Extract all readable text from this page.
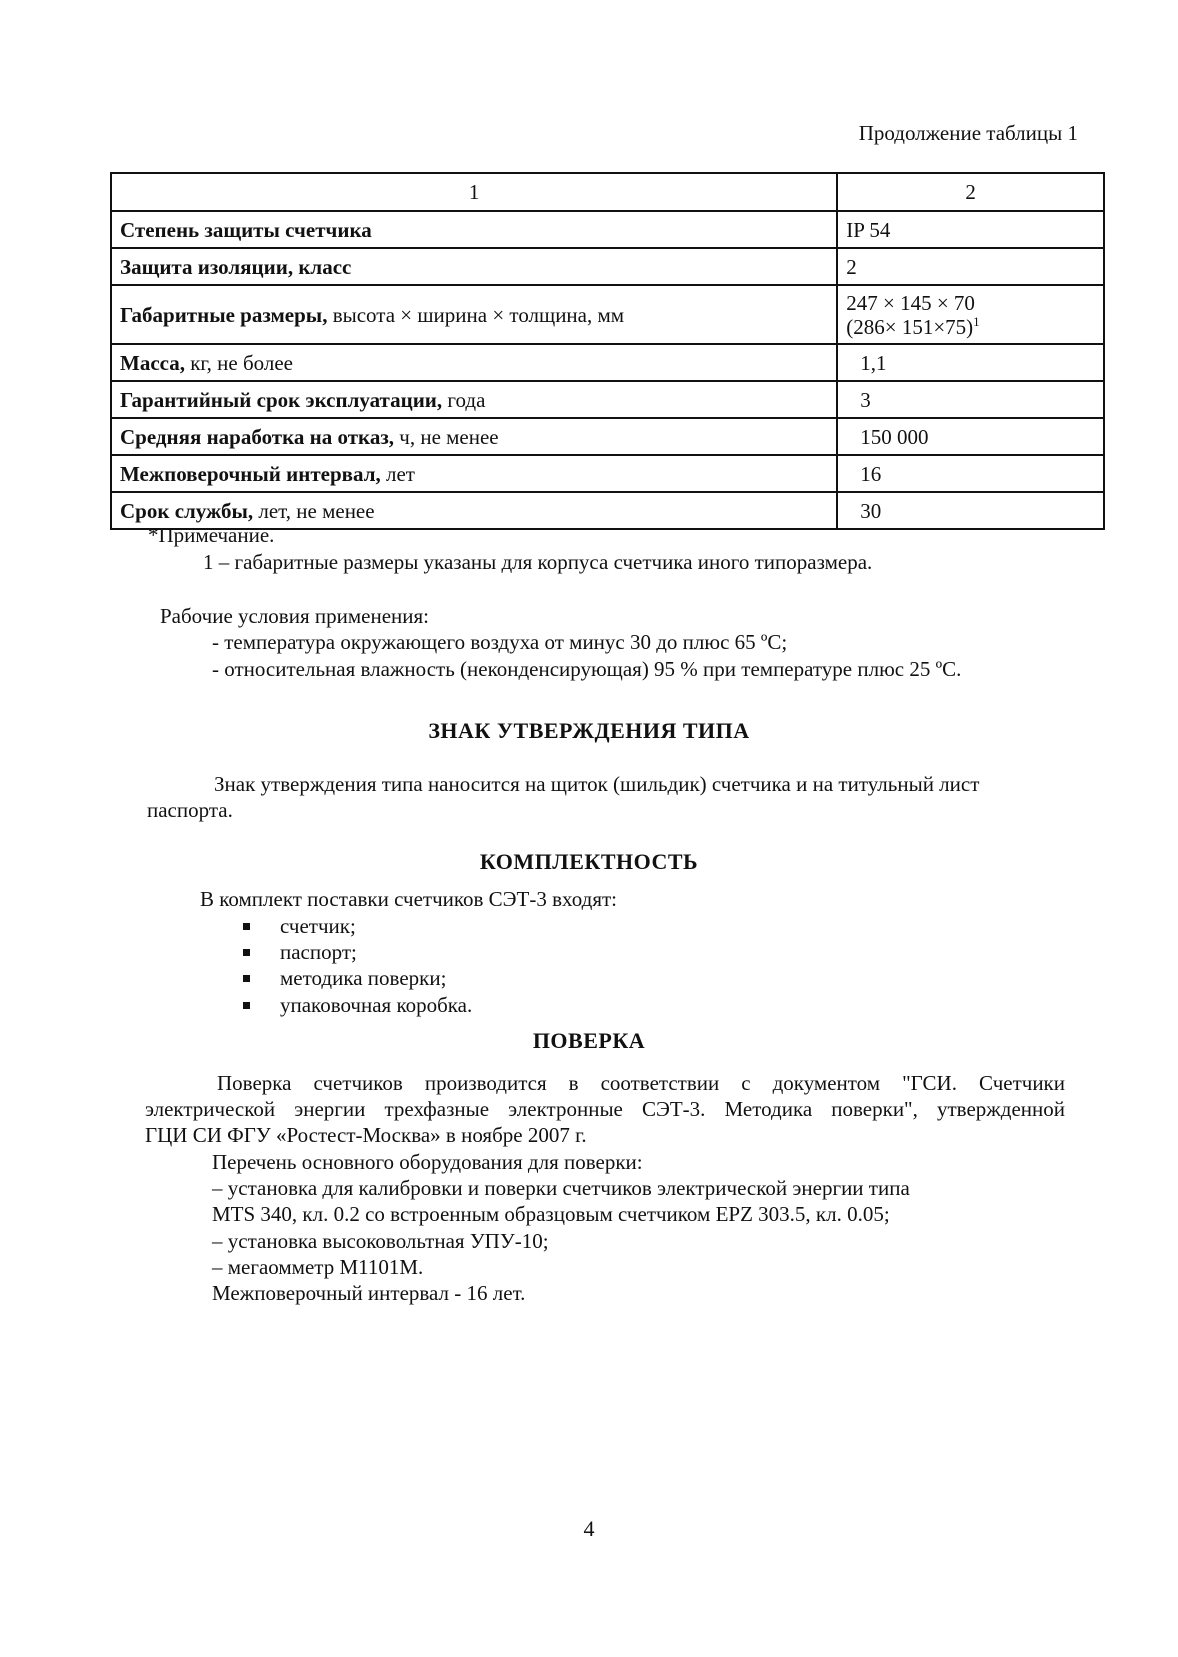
Продолжение таблицы 1
1	2
Степень защиты счетчика	IP 54
Защита изоляции, класс	2
Габаритные размеры, высота × ширина × толщина, мм	247 × 145 × 70
$(286\times 151\times 75)^1$

Масса, кг, не более	1,1
Гарантийный срок эксплуатации, года	3
Средняя наработка на отказ, ч, не менее	150 000
Межповерочный интервал, лет	16
Срок службы, лет, не менее	30
*Примечание.
1 – габаритные размеры указаны для корпуса счетчика иного типоразмера.
Рабочие условия применения:
- температура окружающего воздуха от минус 30 до плюс 65 ºС;
- относительная влажность (неконденсирующая) 95 % при температуре плюс 25 ºС.
ЗНАК УТВЕРЖДЕНИЯ ТИПА
Знак утверждения типа наносится на щиток (шильдик) счетчика и на титульный лист
паспорта.
КОМПЛЕКТНОСТЬ
В комплект поставки счетчиков СЭТ-3 входят:
счетчик;
паспорт;
методика поверки;
упаковочная коробка.
ПОВЕРКА
Поверка счетчиков производится в соответствии с документом "ГСИ. Счетчики
электрической энергии трехфазные электронные СЭТ-3. Методика поверки", утвержденной
ГЦИ СИ ФГУ «Ростест-Москва» в ноябре 2007 г.
Перечень основного оборудования для поверки:
– установка для калибровки и поверки счетчиков электрической энергии типа
MTS 340, кл. 0.2 со встроенным образцовым счетчиком EPZ 303.5, кл. 0.05;
– установка высоковольтная УПУ-10;
– мегаомметр М1101М.
Межповерочный интервал - 16 лет.
4
